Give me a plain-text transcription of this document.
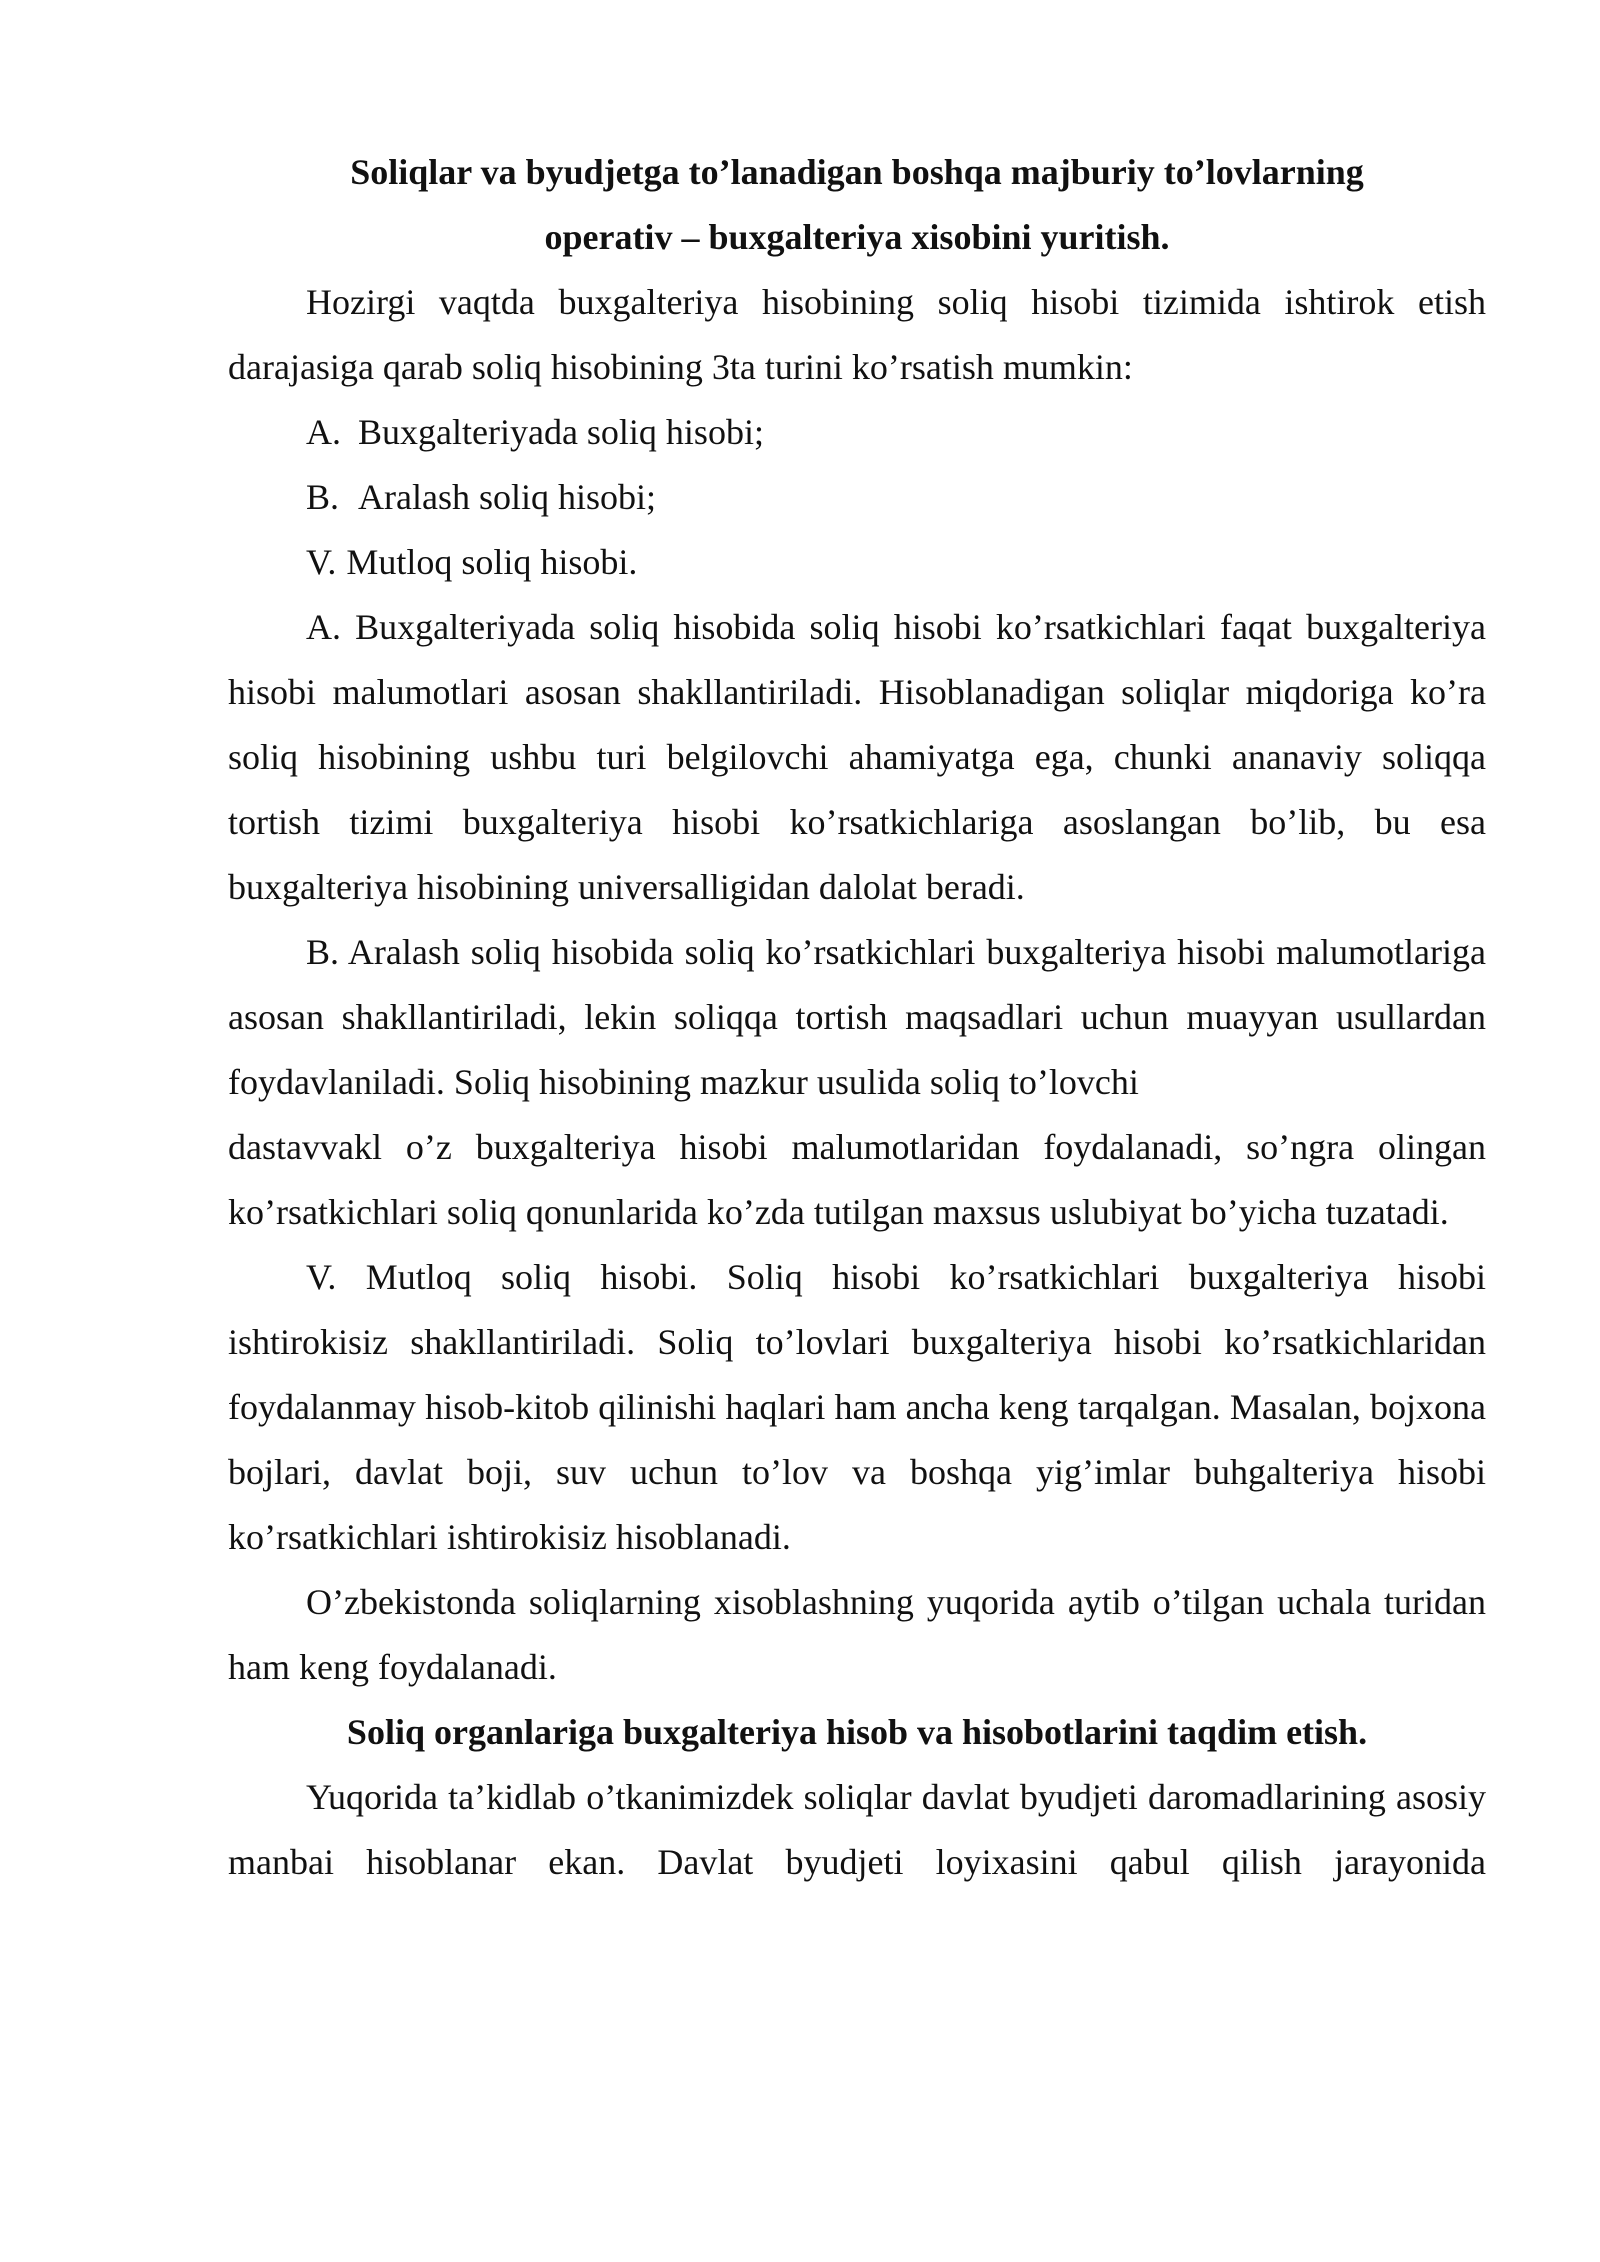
Soliqlar va byudjetga to’lanadigan boshqa majburiy to’lovlarning
operativ – buxgalteriya xisobini yuritish.

Hozirgi vaqtda buxgalteriya hisobining soliq hisobi tizimida ishtirok etish darajasiga qarab soliq hisobining 3ta turini ko’rsatish mumkin:

A. Buxgalteriyada soliq hisobi;

B. Aralash soliq hisobi;

V. Mutloq soliq hisobi.

A. Buxgalteriyada soliq hisobida soliq hisobi ko’rsatkichlari faqat buxgalteriya hisobi malumotlari asosan shakllantiriladi. Hisoblanadigan soliqlar miqdoriga ko’ra soliq hisobining ushbu turi belgilovchi ahamiyatga ega, chunki ananaviy soliqqa tortish tizimi buxgalteriya hisobi ko’rsatkichlariga asoslangan bo’lib, bu esa buxgalteriya hisobining universalligidan dalolat beradi.

B. Aralash soliq hisobida soliq ko’rsatkichlari buxgalteriya hisobi malumotlariga asosan shakllantiriladi, lekin soliqqa tortish maqsadlari uchun muayyan usullardan foydavlaniladi. Soliq hisobining mazkur usulida soliq to’lovchi

dastavvakl o’z buxgalteriya hisobi malumotlaridan foydalanadi, so’ngra olingan ko’rsatkichlari soliq qonunlarida ko’zda tutilgan maxsus uslubiyat bo’yicha tuzatadi.

V. Mutloq soliq hisobi. Soliq hisobi ko’rsatkichlari buxgalteriya hisobi ishtirokisiz shakllantiriladi. Soliq to’lovlari buxgalteriya hisobi ko’rsatkichlaridan foydalanmay hisob-kitob qilinishi haqlari ham ancha keng tarqalgan. Masalan, bojxona bojlari, davlat boji, suv uchun to’lov va boshqa yig’imlar buhgalteriya hisobi ko’rsatkichlari ishtirokisiz hisoblanadi.

O’zbekistonda soliqlarning xisoblashning yuqorida aytib o’tilgan uchala turidan ham keng foydalanadi.

Soliq organlariga buxgalteriya hisob va hisobotlarini taqdim etish.

Yuqorida ta’kidlab o’tkanimizdek soliqlar davlat byudjeti daromadlarining asosiy manbai hisoblanar ekan. Davlat byudjeti loyixasini qabul qilish jarayonida
